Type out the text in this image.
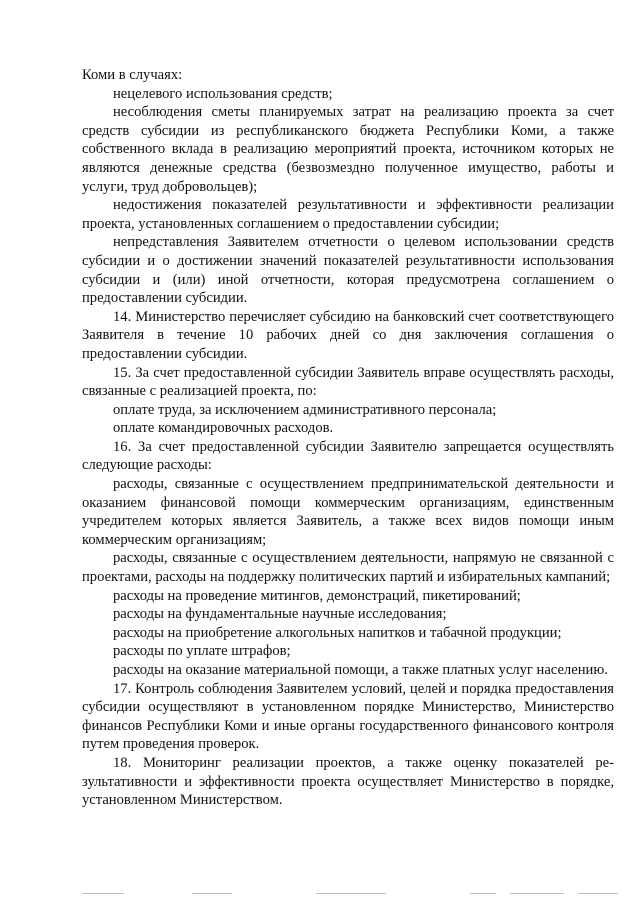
Коми в случаях:
нецелевого использования средств;
несоблюдения сметы планируемых затрат на реализацию проекта за счет средств субсидии из республиканского бюджета Республики Коми, а также собственного вклада в реализацию мероприятий проекта, источником которых не являются денежные средства (безвозмездно полученное имущество, работы и услуги, труд добровольцев);
недостижения показателей результативности и эффективности реализации проекта, установленных соглашением о предоставлении субсидии;
непредставления Заявителем отчетности о целевом использовании средств субсидии и о достижении значений показателей результативности использования субсидии и (или) иной отчетности, которая предусмотрена соглашением о предоставлении субсидии.
14. Министерство перечисляет субсидию на банковский счет соответствующего Заявителя в течение 10 рабочих дней со дня заключения соглашения о предоставлении субсидии.
15. За счет предоставленной субсидии Заявитель вправе осуществлять расходы, связанные с реализацией проекта, по:
оплате труда, за исключением административного персонала;
оплате командировочных расходов.
16. За счет предоставленной субсидии Заявителю запрещается осуществлять следующие расходы:
расходы, связанные с осуществлением предпринимательской деятельности и оказанием финансовой помощи коммерческим организациям, единственным учредителем которых является Заявитель, а также всех видов помощи иным коммерческим организациям;
расходы, связанные с осуществлением деятельности, напрямую не связанной с проектами, расходы на поддержку политических партий и избирательных кампаний;
расходы на проведение митингов, демонстраций, пикетирований;
расходы на фундаментальные научные исследования;
расходы на приобретение алкогольных напитков и табачной продукции;
расходы по уплате штрафов;
расходы на оказание материальной помощи, а также платных услуг населению.
17. Контроль соблюдения Заявителем условий, целей и порядка предоставления субсидии осуществляют в установленном порядке Министерство, Министерство финансов Республики Коми и иные органы государственного финансового контроля путем проведения проверок.
18. Мониторинг реализации проектов, а также оценку показателей результативности и эффективности проекта осуществляет Министерство в порядке, установленном Министерством.
